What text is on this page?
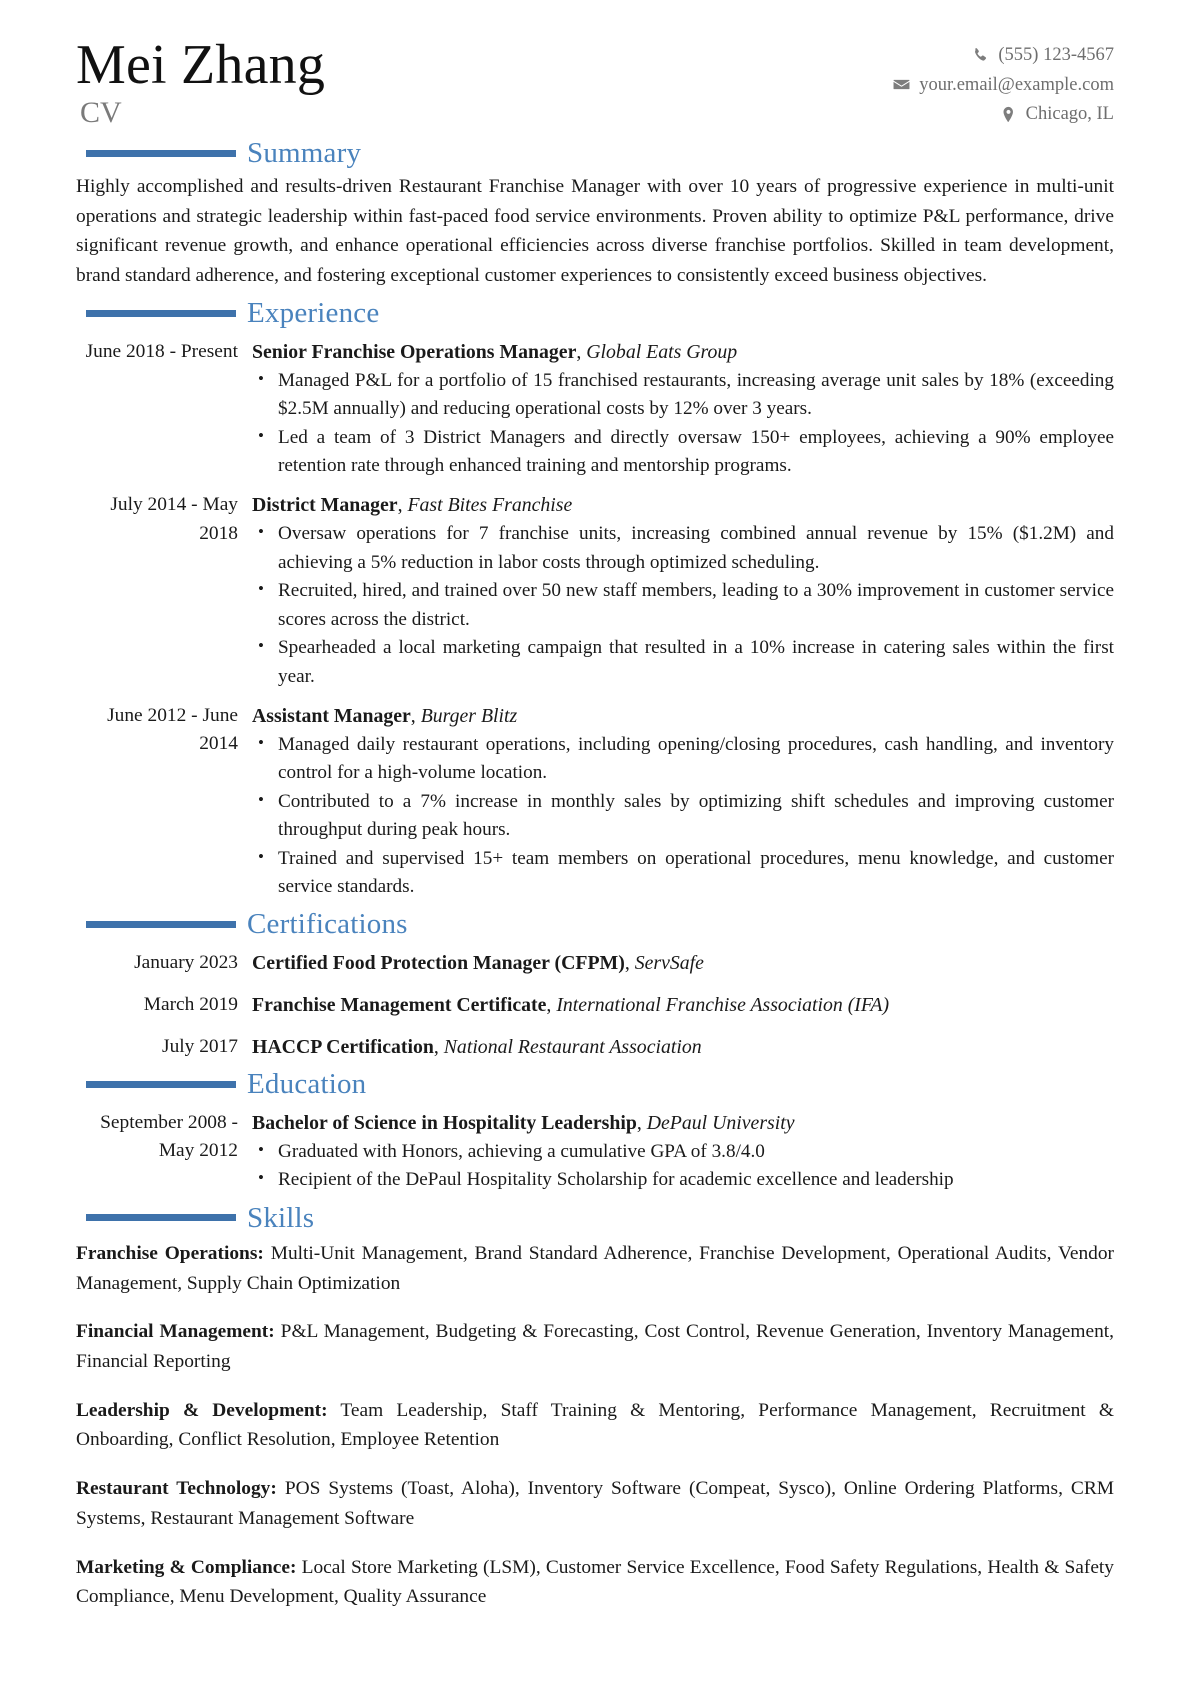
Mei Zhang
CV
(555) 123-4567
your.email@example.com
Chicago, IL
Summary

Highly accomplished and results-driven Restaurant Franchise Manager with over 10 years of progressive experience in multi-unit operations and strategic leadership within fast-paced food service environments. Proven ability to optimize P&L performance, drive significant revenue growth, and enhance operational efficiencies across diverse franchise portfolios. Skilled in team development, brand standard adherence, and fostering exceptional customer experiences to consistently exceed business objectives.

Experience
June 2018 - Present Senior Franchise Operations Manager, Global Eats Group
• Managed P&L for a portfolio of 15 franchised restaurants, increasing average unit sales by 18% (exceeding $2.5M annually) and reducing operational costs by 12% over 3 years.
• Led a team of 3 District Managers and directly oversaw 150+ employees, achieving a 90% employee retention rate through enhanced training and mentorship programs.
July 2014 - May 2018
District Manager, Fast Bites Franchise
• Oversaw operations for 7 franchise units, increasing combined annual revenue by 15% ($1.2M) and achieving a 5% reduction in labor costs through optimized scheduling.
• Recruited, hired, and trained over 50 new staff members, leading to a 30% improvement in customer service scores across the district.
• Spearheaded a local marketing campaign that resulted in a 10% increase in catering sales within the first year.
June 2012 - June 2014
Assistant Manager, Burger Blitz
• Managed daily restaurant operations, including opening/closing procedures, cash handling, and inventory control for a high-volume location.
• Contributed to a 7% increase in monthly sales by optimizing shift schedules and improving customer throughput during peak hours.
• Trained and supervised 15+ team members on operational procedures, menu knowledge, and customer service standards.
Certifications
January 2023 Certified Food Protection Manager (CFPM), ServSafe
March 2019 Franchise Management Certificate, International Franchise Association (IFA)
July 2017 HACCP Certification, National Restaurant Association
Education
September 2008 - May 2012
Bachelor of Science in Hospitality Leadership, DePaul University
• Graduated with Honors, achieving a cumulative GPA of 3.8/4.0
• Recipient of the DePaul Hospitality Scholarship for academic excellence and leadership
Skills

Franchise Operations: Multi-Unit Management, Brand Standard Adherence, Franchise Development, Operational Audits, Vendor Management, Supply Chain Optimization

Financial Management: P&L Management, Budgeting & Forecasting, Cost Control, Revenue Generation, Inventory Management, Financial Reporting

Leadership & Development: Team Leadership, Staff Training & Mentoring, Performance Management, Recruitment & Onboarding, Conflict Resolution, Employee Retention

Restaurant Technology: POS Systems (Toast, Aloha), Inventory Software (Compeat, Sysco), Online Ordering Platforms, CRM Systems, Restaurant Management Software

Marketing & Compliance: Local Store Marketing (LSM), Customer Service Excellence, Food Safety Regulations, Health & Safety Compliance, Menu Development, Quality Assurance
